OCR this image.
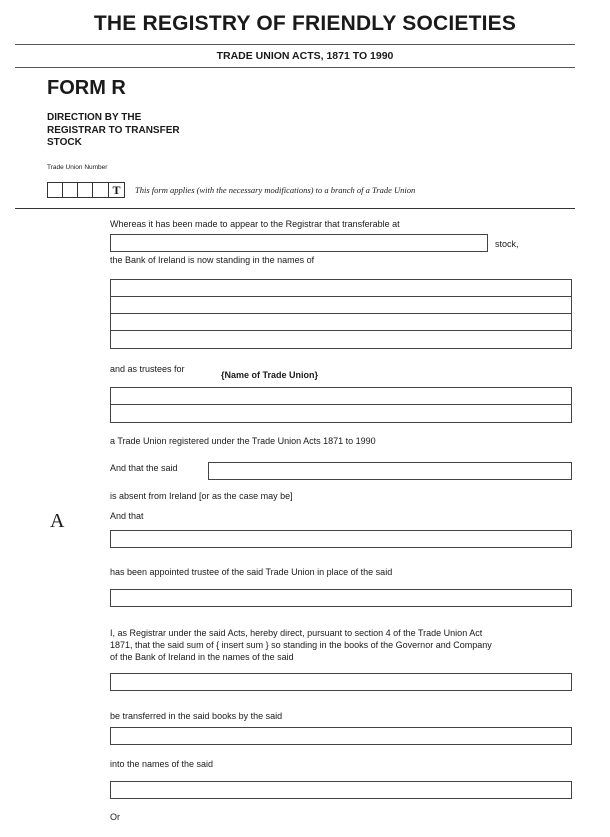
THE REGISTRY OF FRIENDLY SOCIETIES
TRADE UNION ACTS, 1871 TO 1990
FORM R
DIRECTION BY THE
REGISTRAR TO TRANSFER
STOCK
Trade Union Number
T	This form applies (with the necessary modifications) to a branch of a Trade Union
Whereas it has been made to appear to the Registrar that transferable at
stock,
the Bank of Ireland is now standing in the names of
and as trustees for
{Name of Trade Union}
a Trade Union registered under the Trade Union Acts 1871 to 1990
And that the said
is absent from Ireland [or as the case may be]
A	And that
has been appointed trustee of the said Trade Union in place of the said
I, as Registrar under the said Acts, hereby direct, pursuant to section 4 of the Trade Union Act
1871, that the said sum of { insert sum } so standing in the books of the Governor and Company
of the Bank of Ireland in the names of the said
be transferred in the said books by the said
into the names of the said
Or
